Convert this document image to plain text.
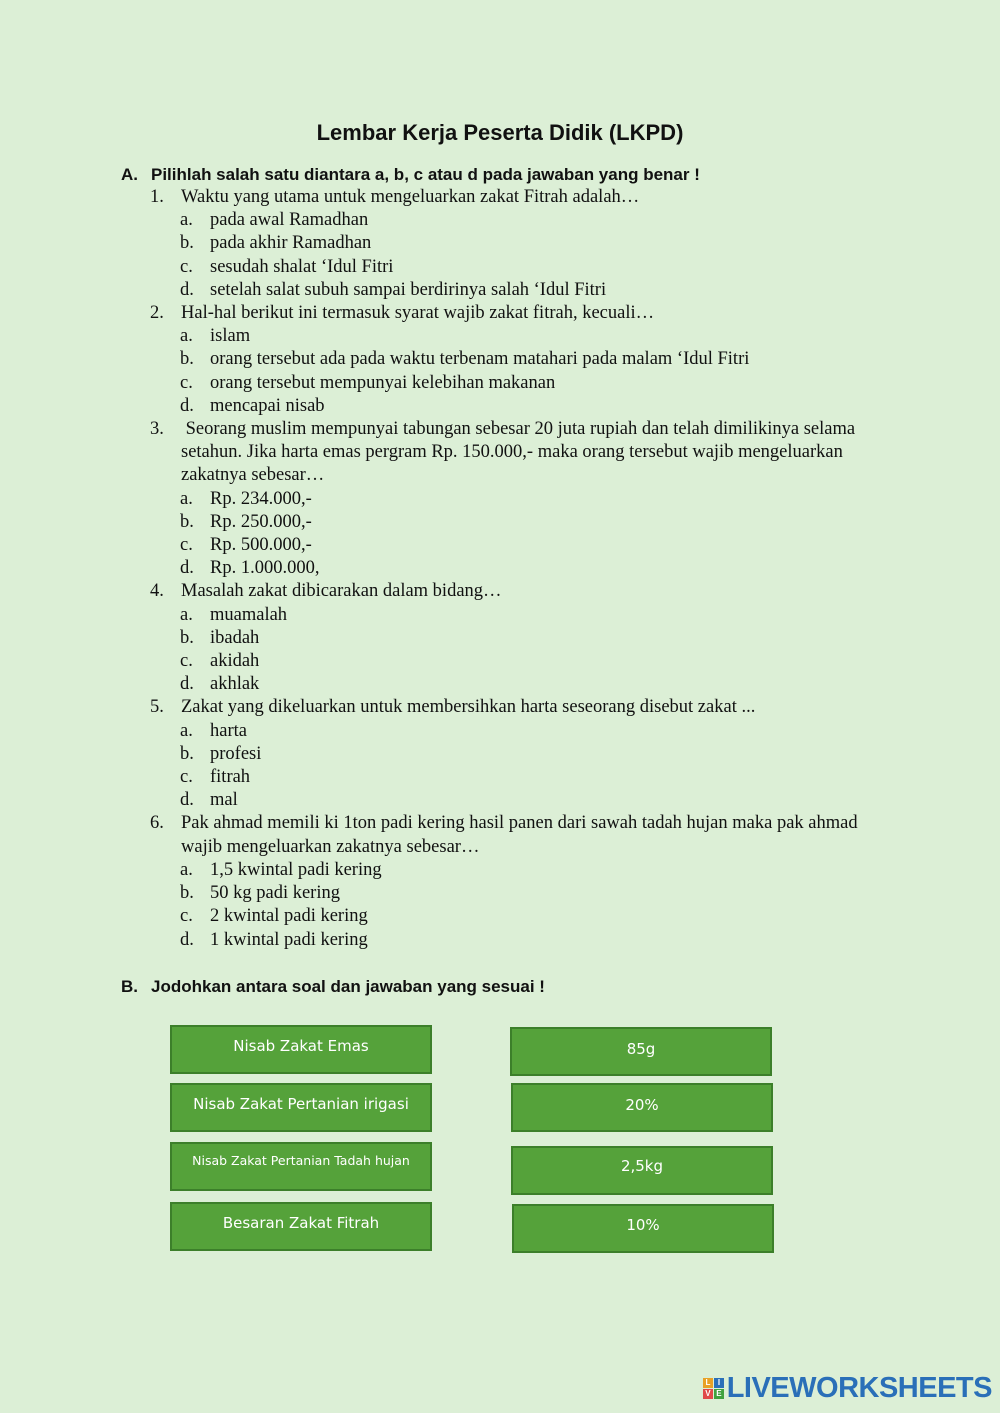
Lembar Kerja Peserta Didik (LKPD)
A. Pilihlah salah satu diantara a, b, c atau d pada jawaban yang benar !
1. Waktu yang utama untuk mengeluarkan zakat Fitrah adalah…
a. pada awal Ramadhan
b. pada akhir Ramadhan
c. sesudah shalat ‘Idul Fitri
d. setelah salat subuh sampai berdirinya salah ‘Idul Fitri
2. Hal-hal berikut ini termasuk syarat wajib zakat fitrah, kecuali…
a. islam
b. orang tersebut ada pada waktu terbenam matahari pada malam ‘Idul Fitri
c. orang tersebut mempunyai kelebihan makanan
d. mencapai nisab
3. Seorang muslim mempunyai tabungan sebesar 20 juta rupiah dan telah dimilikinya selama setahun. Jika harta emas pergram Rp. 150.000,- maka orang tersebut wajib mengeluarkan zakatnya sebesar…
a. Rp. 234.000,-
b. Rp. 250.000,-
c. Rp. 500.000,-
d. Rp. 1.000.000,
4. Masalah zakat dibicarakan dalam bidang…
a. muamalah
b. ibadah
c. akidah
d. akhlak
5. Zakat yang dikeluarkan untuk membersihkan harta seseorang disebut zakat ...
a. harta
b. profesi
c. fitrah
d. mal
6. Pak ahmad memili ki 1ton padi kering hasil panen dari sawah tadah hujan maka pak ahmad wajib mengeluarkan zakatnya sebesar…
a. 1,5 kwintal padi kering
b. 50 kg padi kering
c. 2 kwintal padi kering
d. 1 kwintal padi kering
B. Jodohkan antara soal dan jawaban yang sesuai !
Nisab Zakat Emas
Nisab Zakat Pertanian irigasi
Nisab Zakat Pertanian Tadah hujan
Besaran Zakat Fitrah
85g
20%
2,5kg
10%
L I
V E LIVEWORKSHEETS
